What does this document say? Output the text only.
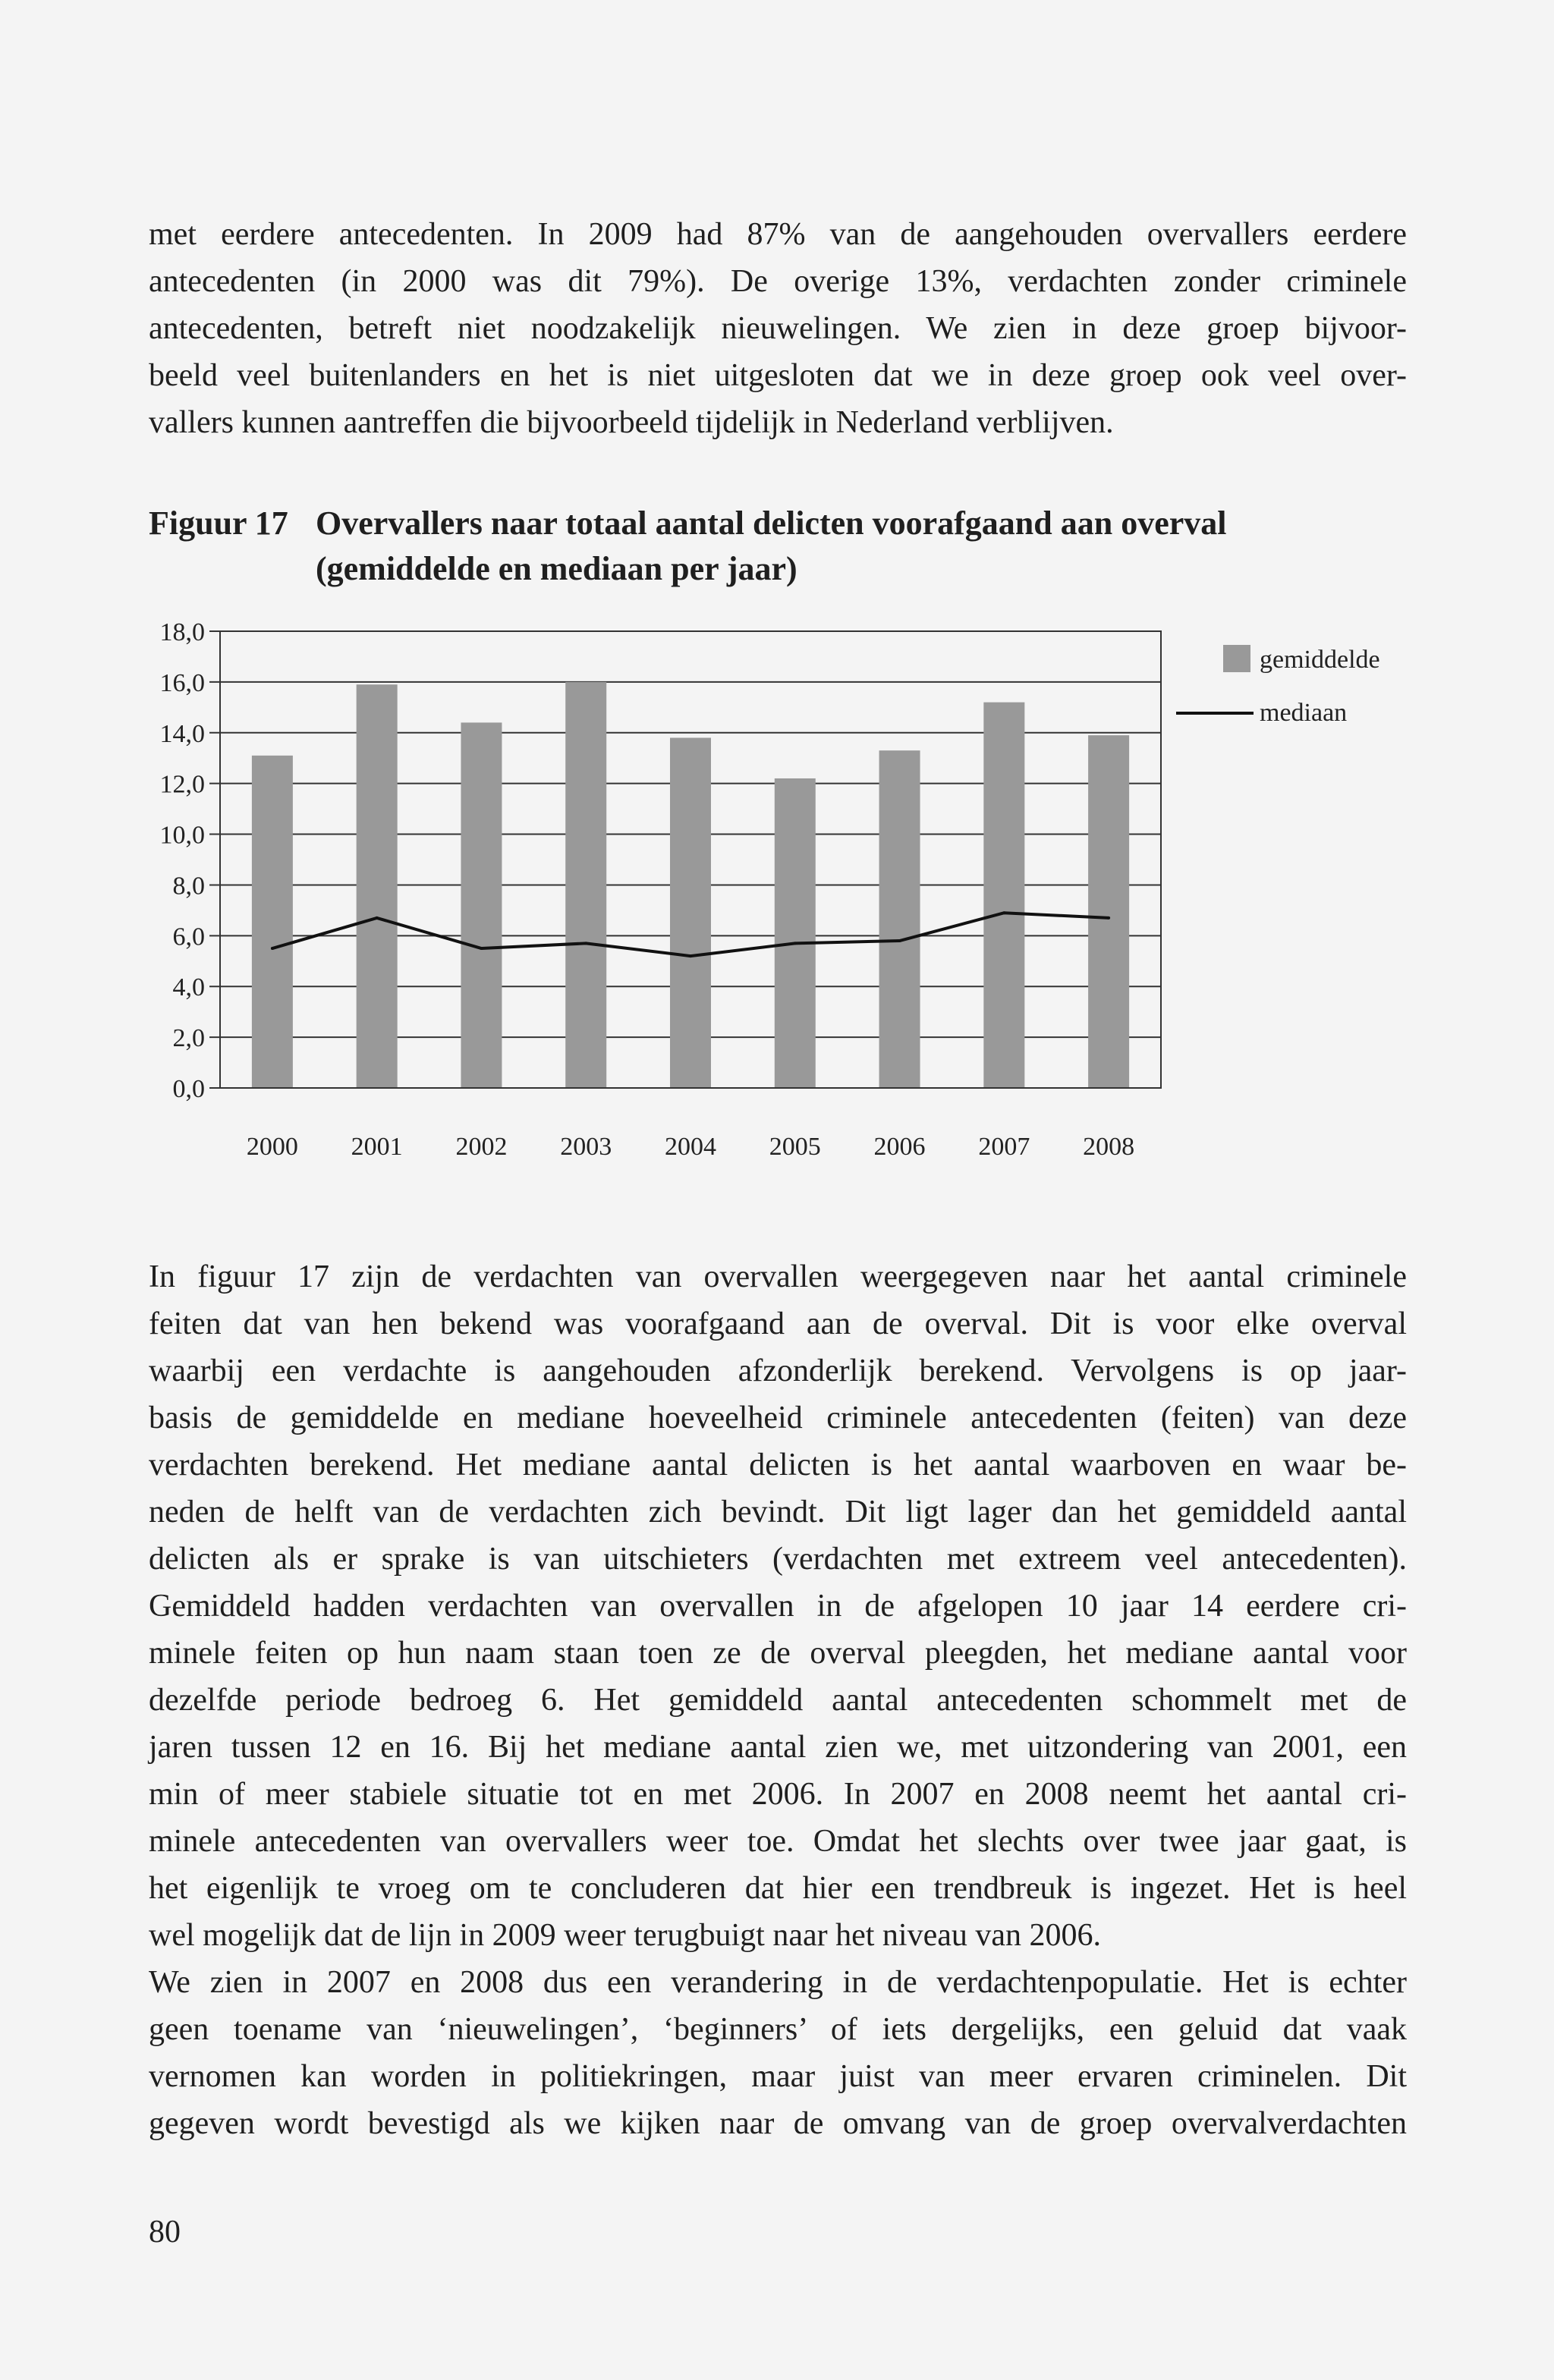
met eerdere antecedenten. In 2009 had 87% van de aangehouden overvallers eerdere
antecedenten (in 2000 was dit 79%). De overige 13%, verdachten zonder criminele
antecedenten, betreft niet noodzakelijk nieuwelingen. We zien in deze groep bijvoor-
beeld veel buitenlanders en het is niet uitgesloten dat we in deze groep ook veel over-
vallers kunnen aantreffen die bijvoorbeeld tijdelijk in Nederland verblijven.
Figuur 17 Overvallers naar totaal aantal delicten voorafgaand aan overval
(gemiddelde en mediaan per jaar)
0,0
2,0
4,0
6,0
8,0
10,0
12,0
14,0
16,0
18,0
2000 2001 2002 2003 2004 2005 2006 2007 2008
gemiddelde
mediaan
In figuur 17 zijn de verdachten van overvallen weergegeven naar het aantal criminele
feiten dat van hen bekend was voorafgaand aan de overval. Dit is voor elke overval
waarbij een verdachte is aangehouden afzonderlijk berekend. Vervolgens is op jaar-
basis de gemiddelde en mediane hoeveelheid criminele antecedenten (feiten) van deze
verdachten berekend. Het mediane aantal delicten is het aantal waarboven en waar be-
neden de helft van de verdachten zich bevindt. Dit ligt lager dan het gemiddeld aantal
delicten als er sprake is van uitschieters (verdachten met extreem veel antecedenten).
Gemiddeld hadden verdachten van overvallen in de afgelopen 10 jaar 14 eerdere cri-
minele feiten op hun naam staan toen ze de overval pleegden, het mediane aantal voor
dezelfde periode bedroeg 6. Het gemiddeld aantal antecedenten schommelt met de
jaren tussen 12 en 16. Bij het mediane aantal zien we, met uitzondering van 2001, een
min of meer stabiele situatie tot en met 2006. In 2007 en 2008 neemt het aantal cri-
minele antecedenten van overvallers weer toe. Omdat het slechts over twee jaar gaat, is
het eigenlijk te vroeg om te concluderen dat hier een trendbreuk is ingezet. Het is heel
wel mogelijk dat de lijn in 2009 weer terugbuigt naar het niveau van 2006.
We zien in 2007 en 2008 dus een verandering in de verdachtenpopulatie. Het is echter
geen toename van ‘nieuwelingen’, ‘beginners’ of iets dergelijks, een geluid dat vaak
vernomen kan worden in politiekringen, maar juist van meer ervaren criminelen. Dit
gegeven wordt bevestigd als we kijken naar de omvang van de groep overvalverdachten
80
